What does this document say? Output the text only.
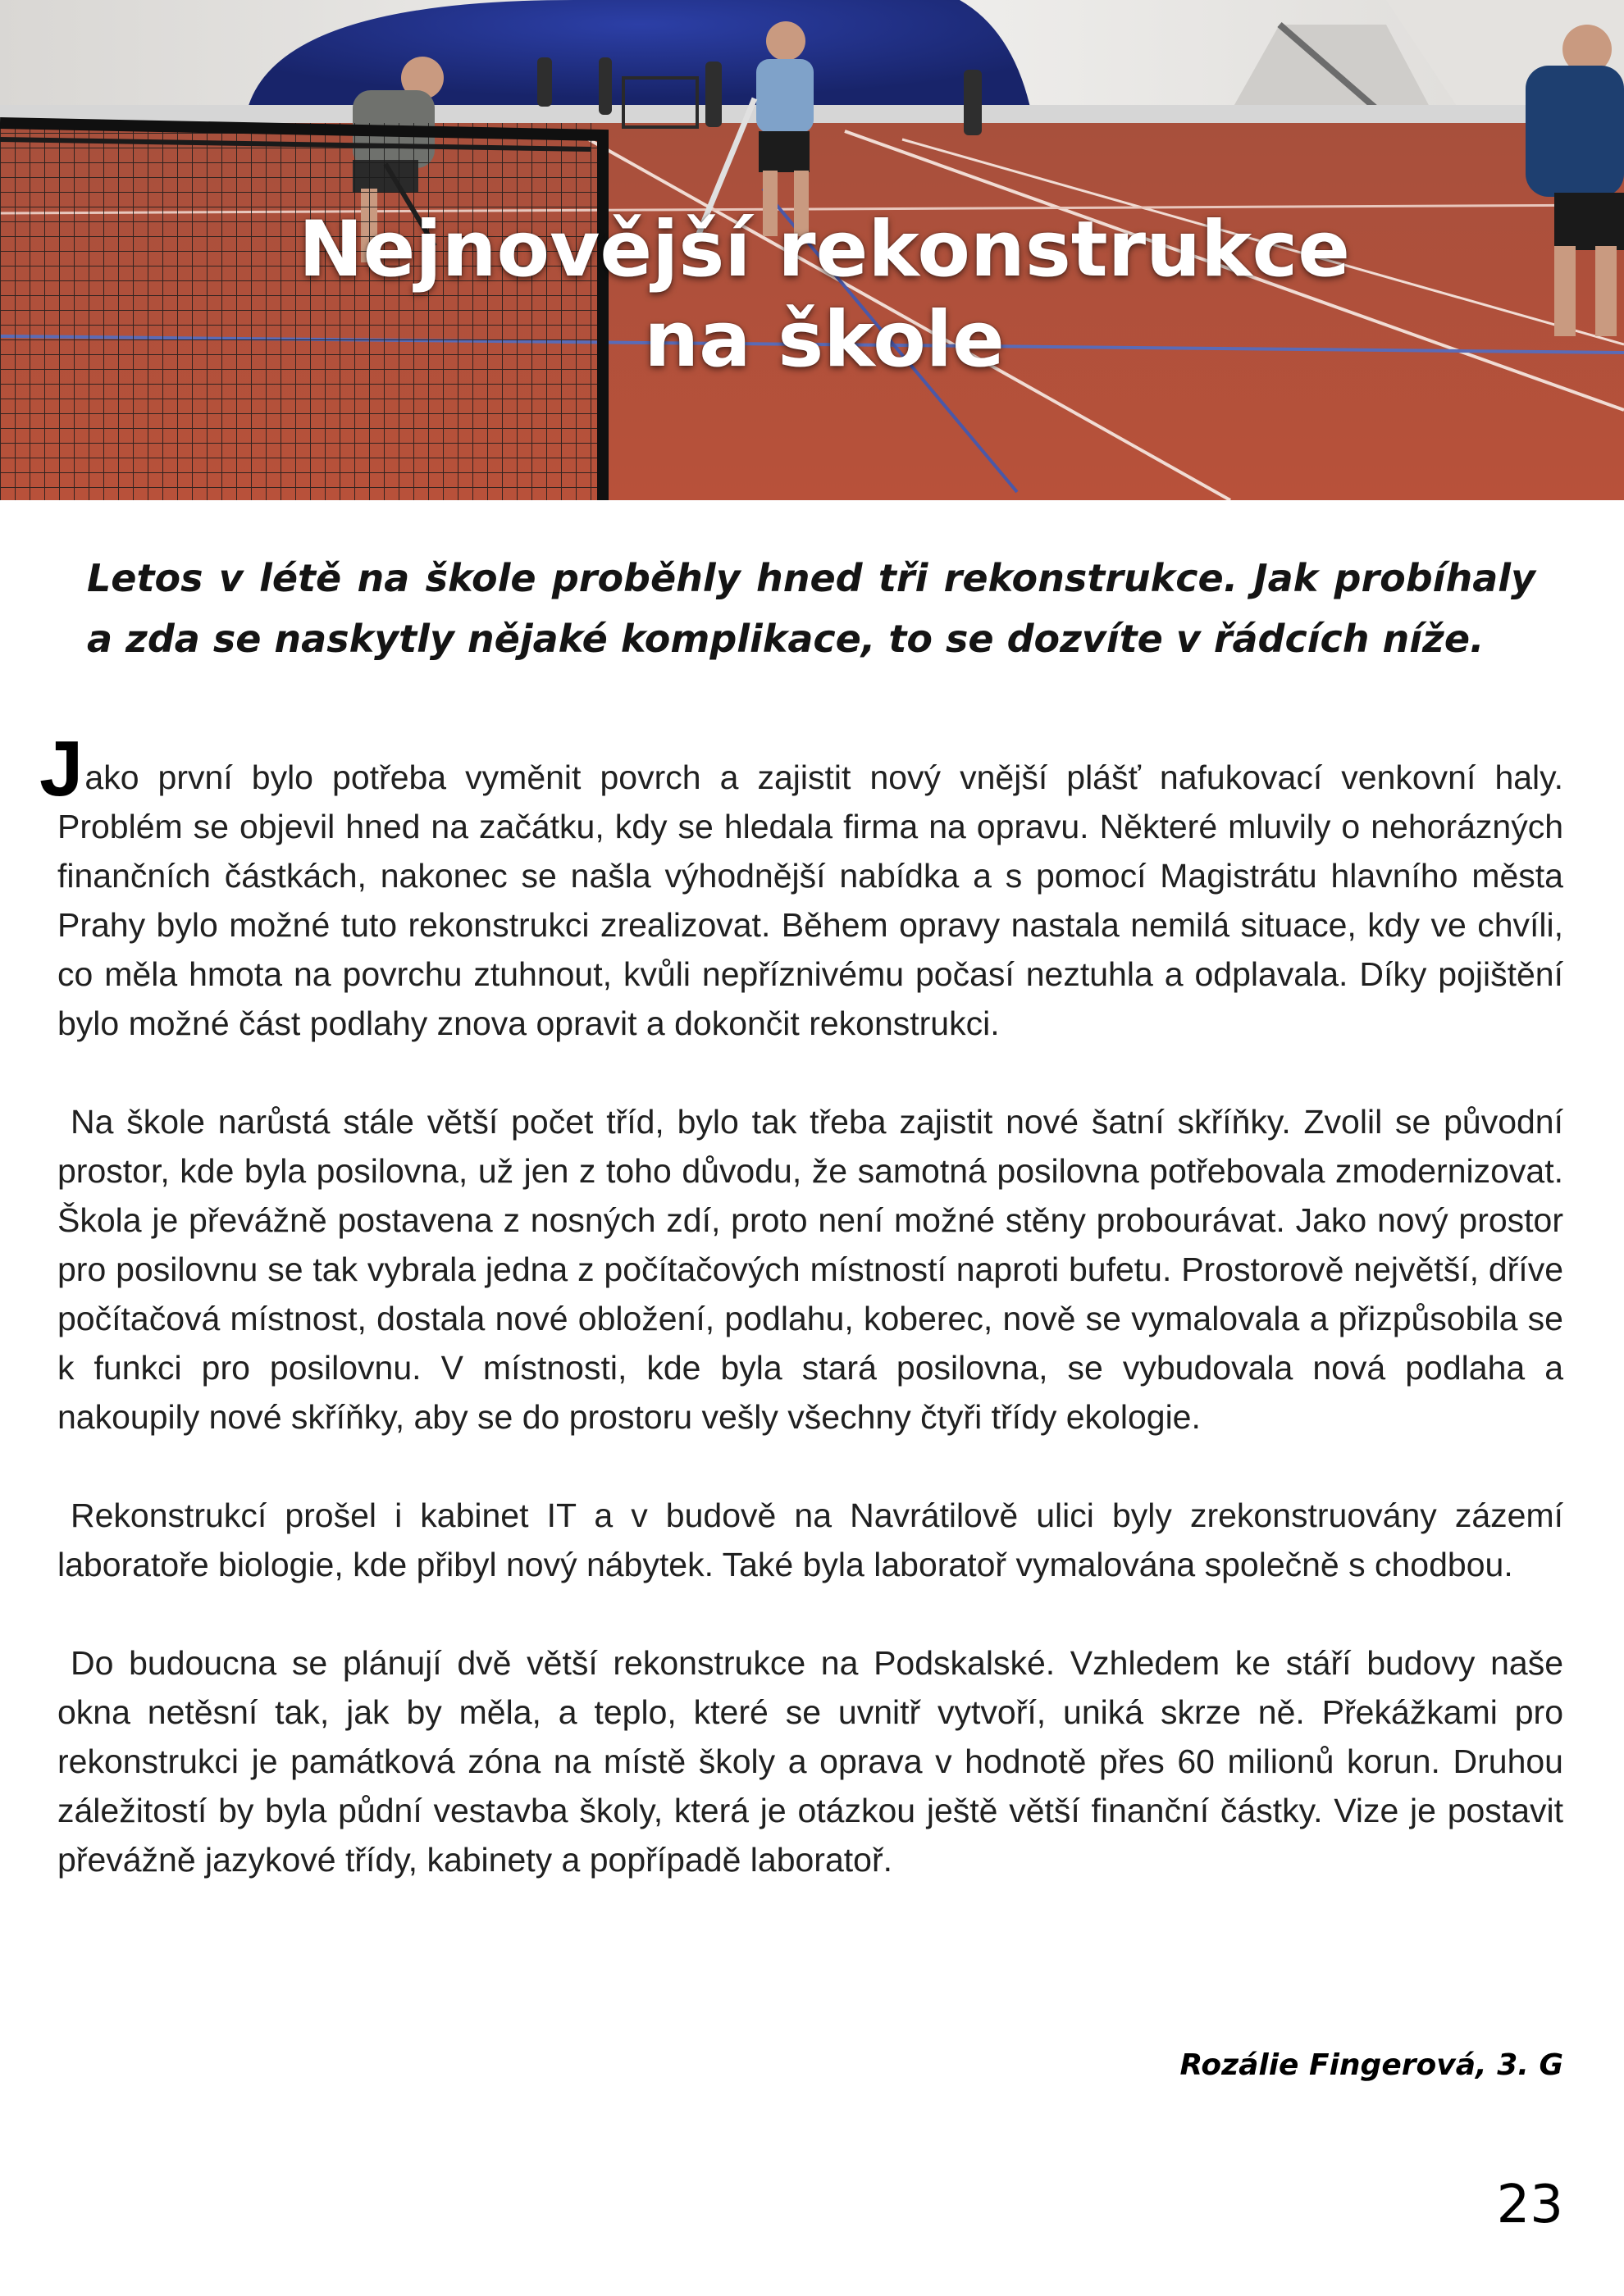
Nejnovější rekonstrukce
na škole

Letos v létě na škole proběhly hned tři rekonstrukce. Jak probíhaly a zda se naskytly nějaké komplikace, to se dozvíte v řádcích níže.

Jako první bylo potřeba vyměnit povrch a zajistit nový vnější plášť nafukovací venkovní haly. Problém se objevil hned na začátku, kdy se hledala firma na opravu. Některé mluvily o nehorázných finančních částkách, nakonec se našla výhodnější nabídka a s pomocí Magistrátu hlavního města Prahy bylo možné tuto rekonstrukci zrealizovat. Během opravy nastala nemilá situace, kdy ve chvíli, co měla hmota na povrchu ztuhnout, kvůli nepříznivému počasí neztuhla a odplavala. Díky pojištění bylo možné část podlahy znova opravit a dokončit rekonstrukci.

Na škole narůstá stále větší počet tříd, bylo tak třeba zajistit nové šatní skříňky. Zvolil se původní prostor, kde byla posilovna, už jen z toho důvodu, že samotná posilovna potřebovala zmodernizovat. Škola je převážně postavena z nosných zdí, proto není možné stěny probourávat. Jako nový prostor pro posilovnu se tak vybrala jedna z počítačových místností naproti bufetu. Prostorově největší, dříve počítačová místnost, dostala nové obložení, podlahu, koberec, nově se vymalovala a přizpůsobila se k funkci pro posilovnu. V místnosti, kde byla stará posilovna, se vybudovala nová podlaha a nakoupily nové skříňky, aby se do prostoru vešly všechny čtyři třídy ekologie.

Rekonstrukcí prošel i kabinet IT a v budově na Navrátilově ulici byly zrekonstruovány zázemí laboratoře biologie, kde přibyl nový nábytek. Také byla laboratoř vymalována společně s chodbou.

Do budoucna se plánují dvě větší rekonstrukce na Podskalské. Vzhledem ke stáří budovy naše okna netěsní tak, jak by měla, a teplo, které se uvnitř vytvoří, uniká skrze ně. Překážkami pro rekonstrukci je památková zóna na místě školy a oprava v hodnotě přes 60 milionů korun. Druhou záležitostí by byla půdní vestavba školy, která je otázkou ještě větší finanční částky. Vize je postavit převážně jazykové třídy, kabinety a popřípadě laboratoř.

Rozálie Fingerová, 3. G

23
